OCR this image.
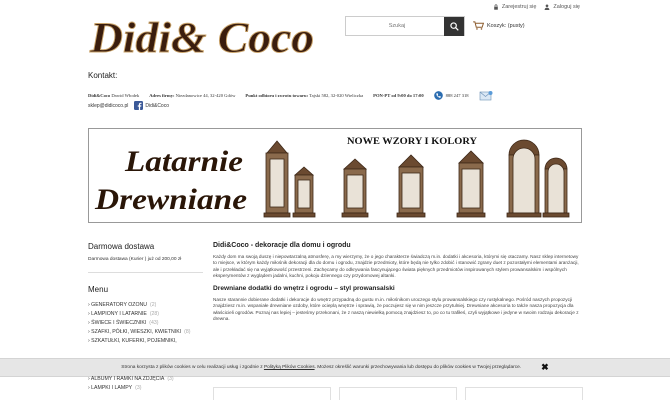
Zarejestruj się	Zaloguj się
Didi& Coco
Szukaj	Koszyk: (pusty)
Kontakt:
Didi&Coco Dawid Włodek Adres firmy: Niezdanowice 44, 32-420 Gdów Punkt odbioru i zwrotu towaru: Tajski 582, 32-020 Wieliczka PON-PT od 9:00 do 17:00	888 247 318
sklep@didicoco.pl	Didi&Coco
Latarnie
Drewniane
NOWE WZORY I KOLORY
Darmowa dostawa
Darmowa dostawa (Kurier ) już od 200,00 zł
Menu
› GENERATORY OZONU (2)
› LAMPIONY I LATARNIE (28)
› ŚWIECE I ŚWIECZNIKI (43)
› SZAFKI, PÓŁKI, WIESZKI, KWIETNIKI (8)
› SZKATUŁKI, KUFERKI, POJEMNIKI,
Didi&Coco - dekoracje dla domu i ogrodu
Każdy dom ma swoją duszę i niepowtarzalną atmosferę, a my wierzymy, że o jego charakterze świadczą m.in. dodatki i akcesoria, którymi się otaczamy. Nasz sklep internetowy to miejsce, w którym każdy miłośnik dekoracji dla do domu i ogrodu, znajdzie przedmioty, które będą nie tylko zdobić i stanowić zgrany duet z pozostałymi elementami aranżacji, ale i przekładać się na wyjątkowość przestrzeni. Zachęcamy do odkrywania fascynującego świata pięknych przedmiotów inspirowanych stylem prowansalskim i wspólnych eksperymentów z wyglądem jadalni, kuchni, pokoju dziennego czy przydomowej altanki.
Drewniane dodatki do wnętrz i ogrodu – styl prowansalski
Nasze starannie dobierane dodatki i dekoracje do wnętrz przypadną do gustu m.in. miłośnikom uroczego stylu prowansalskiego czy rustykalnego. Pośród naszych propozycji znajdziesz m.in. wspaniałe drewniane ozdoby, które ocieplą wnętrze i sprawią, że poczujesz się w nim jeszcze przytulniej. Drewniane akcesoria to także nasza propozycja dla właścicieli ogrodów. Poznaj nas lepiej – jesteśmy przekonani, że z naszą niewielką pomocą znajdziesz to, po co tu trafiłeś, czyli wyjątkowe i jedyne w swoim rodzaju dekoracje z drewna.
Strona korzysta z plików cookies w celu realizacji usług i zgodnie z Polityką Plików Cookies. Możesz określić warunki przechowywania lub dostępu do plików cookies w Twojej przeglądarce. ✖
› ALBUMY I RAMKI NA ZDJĘCIA (3)
› LAMPKI I LAMPY (3)
